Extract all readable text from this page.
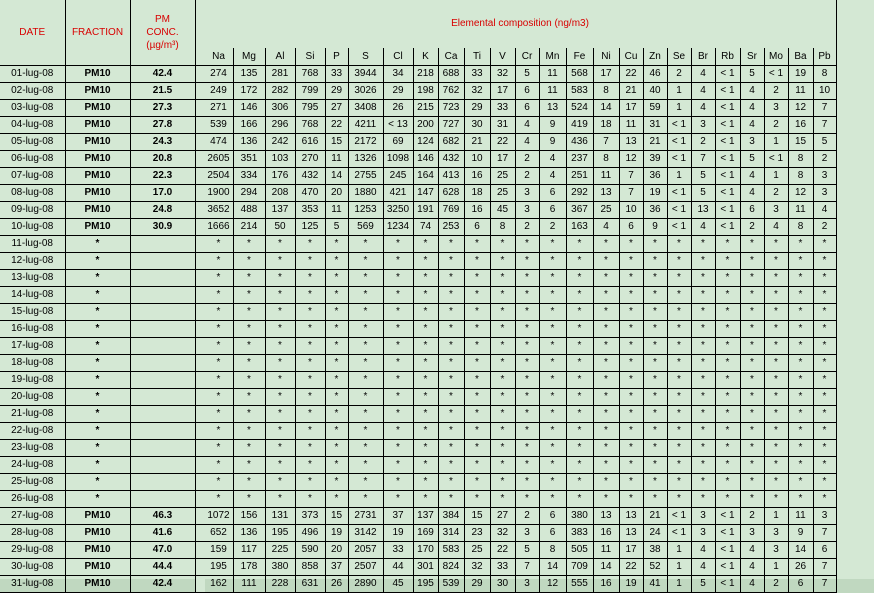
DATE	FRACTION	PM
CONC.
(µg/m³)		Elemental composition (ng/m3)																							
				Na	Mg	Al	Si	P	S	Cl	K	Ca	Ti	V	Cr	Mn	Fe	Ni	Cu	Zn	Se	Br	Rb	Sr	Mo	Ba	Pb
01-lug-08	PM10	42.4		274	135	281	768	33	3944	34	218	688	33	32	5	11	568	17	22	46	2	4	< 1	5	< 1	19	8
02-lug-08	PM10	21.5		249	172	282	799	29	3026	29	198	762	32	17	6	11	583	8	21	40	1	4	< 1	4	2	11	10
03-lug-08	PM10	27.3		271	146	306	795	27	3408	26	215	723	29	33	6	13	524	14	17	59	1	4	< 1	4	3	12	7
04-lug-08	PM10	27.8		539	166	296	768	22	4211	< 13	200	727	30	31	4	9	419	18	11	31	< 1	3	< 1	4	2	16	7
05-lug-08	PM10	24.3		474	136	242	616	15	2172	69	124	682	21	22	4	9	436	7	13	21	< 1	2	< 1	3	1	15	5
06-lug-08	PM10	20.8		2605	351	103	270	11	1326	1098	146	432	10	17	2	4	237	8	12	39	< 1	7	< 1	5	< 1	8	2
07-lug-08	PM10	22.3		2504	334	176	432	14	2755	245	164	413	16	25	2	4	251	11	7	36	1	5	< 1	4	1	8	3
08-lug-08	PM10	17.0		1900	294	208	470	20	1880	421	147	628	18	25	3	6	292	13	7	19	< 1	5	< 1	4	2	12	3
09-lug-08	PM10	24.8		3652	488	137	353	11	1253	3250	191	769	16	45	3	6	367	25	10	36	< 1	13	< 1	6	3	11	4
10-lug-08	PM10	30.9		1666	214	50	125	5	569	1234	74	253	6	8	2	2	163	4	6	9	< 1	4	< 1	2	4	8	2
11-lug-08	*			*	*	*	*	*	*	*	*	*	*	*	*	*	*	*	*	*	*	*	*	*	*	*	*
12-lug-08	*			*	*	*	*	*	*	*	*	*	*	*	*	*	*	*	*	*	*	*	*	*	*	*	*
13-lug-08	*			*	*	*	*	*	*	*	*	*	*	*	*	*	*	*	*	*	*	*	*	*	*	*	*
14-lug-08	*			*	*	*	*	*	*	*	*	*	*	*	*	*	*	*	*	*	*	*	*	*	*	*	*
15-lug-08	*			*	*	*	*	*	*	*	*	*	*	*	*	*	*	*	*	*	*	*	*	*	*	*	*
16-lug-08	*			*	*	*	*	*	*	*	*	*	*	*	*	*	*	*	*	*	*	*	*	*	*	*	*
17-lug-08	*			*	*	*	*	*	*	*	*	*	*	*	*	*	*	*	*	*	*	*	*	*	*	*	*
18-lug-08	*			*	*	*	*	*	*	*	*	*	*	*	*	*	*	*	*	*	*	*	*	*	*	*	*
19-lug-08	*			*	*	*	*	*	*	*	*	*	*	*	*	*	*	*	*	*	*	*	*	*	*	*	*
20-lug-08	*			*	*	*	*	*	*	*	*	*	*	*	*	*	*	*	*	*	*	*	*	*	*	*	*
21-lug-08	*			*	*	*	*	*	*	*	*	*	*	*	*	*	*	*	*	*	*	*	*	*	*	*	*
22-lug-08	*			*	*	*	*	*	*	*	*	*	*	*	*	*	*	*	*	*	*	*	*	*	*	*	*
23-lug-08	*			*	*	*	*	*	*	*	*	*	*	*	*	*	*	*	*	*	*	*	*	*	*	*	*
24-lug-08	*			*	*	*	*	*	*	*	*	*	*	*	*	*	*	*	*	*	*	*	*	*	*	*	*
25-lug-08	*			*	*	*	*	*	*	*	*	*	*	*	*	*	*	*	*	*	*	*	*	*	*	*	*
26-lug-08	*			*	*	*	*	*	*	*	*	*	*	*	*	*	*	*	*	*	*	*	*	*	*	*	*
27-lug-08	PM10	46.3		1072	156	131	373	15	2731	37	137	384	15	27	2	6	380	13	13	21	< 1	3	< 1	2	1	11	3
28-lug-08	PM10	41.6		652	136	195	496	19	3142	19	169	314	23	32	3	6	383	16	13	24	< 1	3	< 1	3	3	9	7
29-lug-08	PM10	47.0		159	117	225	590	20	2057	33	170	583	25	22	5	8	505	11	17	38	1	4	< 1	4	3	14	6
30-lug-08	PM10	44.4		195	178	380	858	37	2507	44	301	824	32	33	7	14	709	14	22	52	1	4	< 1	4	1	26	7
31-lug-08	PM10	42.4		162	111	228	631	26	2890	45	195	539	29	30	3	12	555	16	19	41	1	5	< 1	4	2	6	7
